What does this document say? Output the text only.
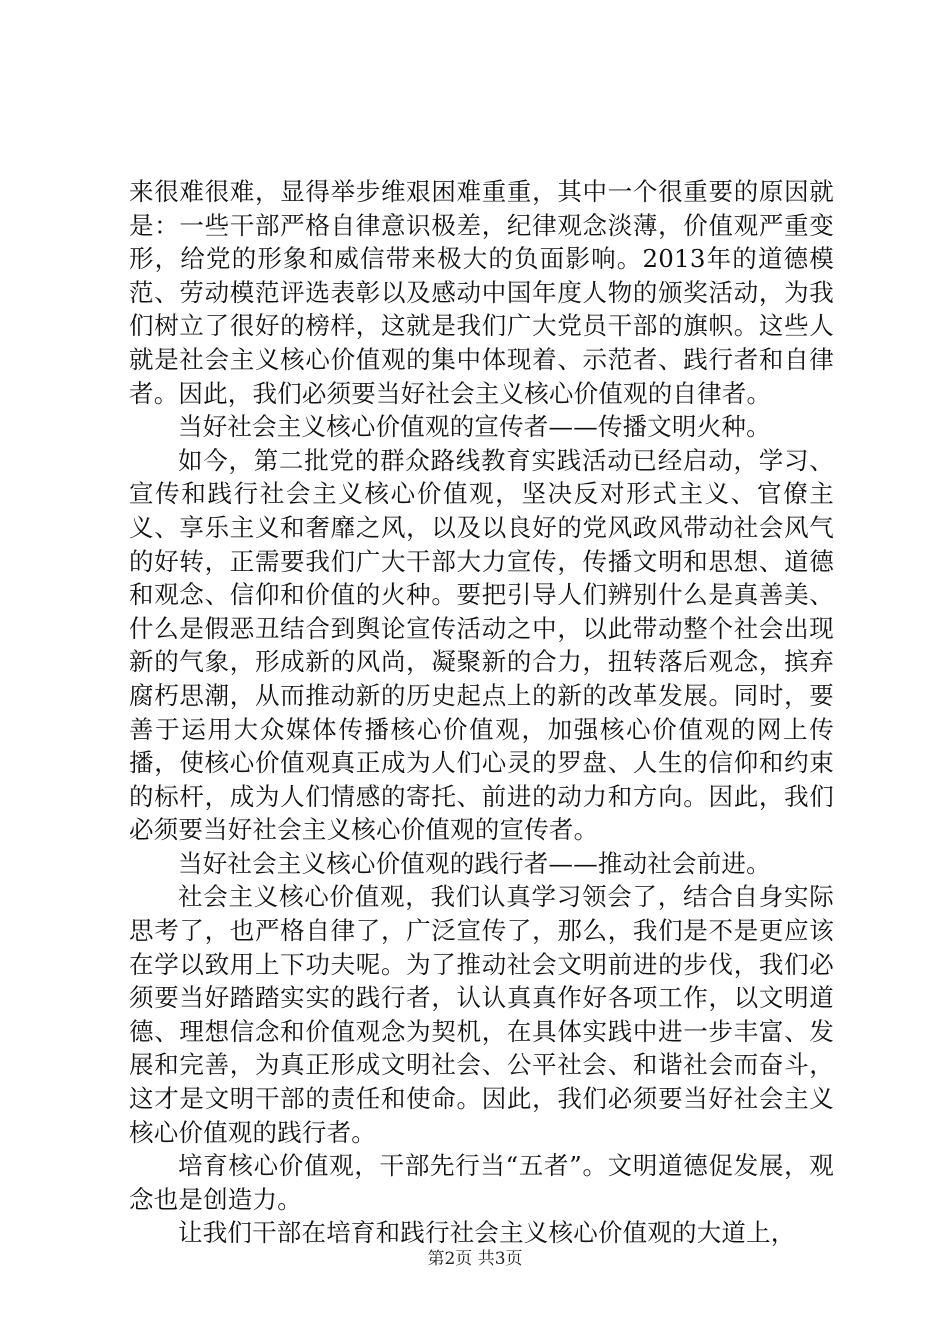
来很难很难，显得举步维艰困难重重，其中一个很重要的原因就是：一些干部严格自律意识极差，纪律观念淡薄，价值观严重变形，给党的形象和威信带来极大的负面影响。2013年的道德模范、劳动模范评选表彰以及感动中国年度人物的颁奖活动，为我们树立了很好的榜样，这就是我们广大党员干部的旗帜。这些人就是社会主义核心价值观的集中体现着、示范者、践行者和自律者。因此，我们必须要当好社会主义核心价值观的自律者。

当好社会主义核心价值观的宣传者——传播文明火种。

如今，第二批党的群众路线教育实践活动已经启动，学习、宣传和践行社会主义核心价值观，坚决反对形式主义、官僚主义、享乐主义和奢靡之风，以及以良好的党风政风带动社会风气的好转，正需要我们广大干部大力宣传，传播文明和思想、道德和观念、信仰和价值的火种。要把引导人们辨别什么是真善美、什么是假恶丑结合到舆论宣传活动之中，以此带动整个社会出现新的气象，形成新的风尚，凝聚新的合力，扭转落后观念，摈弃腐朽思潮，从而推动新的历史起点上的新的改革发展。同时，要善于运用大众媒体传播核心价值观，加强核心价值观的网上传播，使核心价值观真正成为人们心灵的罗盘、人生的信仰和约束的标杆，成为人们情感的寄托、前进的动力和方向。因此，我们必须要当好社会主义核心价值观的宣传者。

当好社会主义核心价值观的践行者——推动社会前进。

社会主义核心价值观，我们认真学习领会了，结合自身实际思考了，也严格自律了，广泛宣传了，那么，我们是不是更应该在学以致用上下功夫呢。为了推动社会文明前进的步伐，我们必须要当好踏踏实实的践行者，认认真真作好各项工作，以文明道德、理想信念和价值观念为契机，在具体实践中进一步丰富、发展和完善，为真正形成文明社会、公平社会、和谐社会而奋斗，这才是文明干部的责任和使命。因此，我们必须要当好社会主义核心价值观的践行者。

培育核心价值观，干部先行当“五者”。文明道德促发展，观念也是创造力。

让我们干部在培育和践行社会主义核心价值观的大道上，

第2页 共3页
